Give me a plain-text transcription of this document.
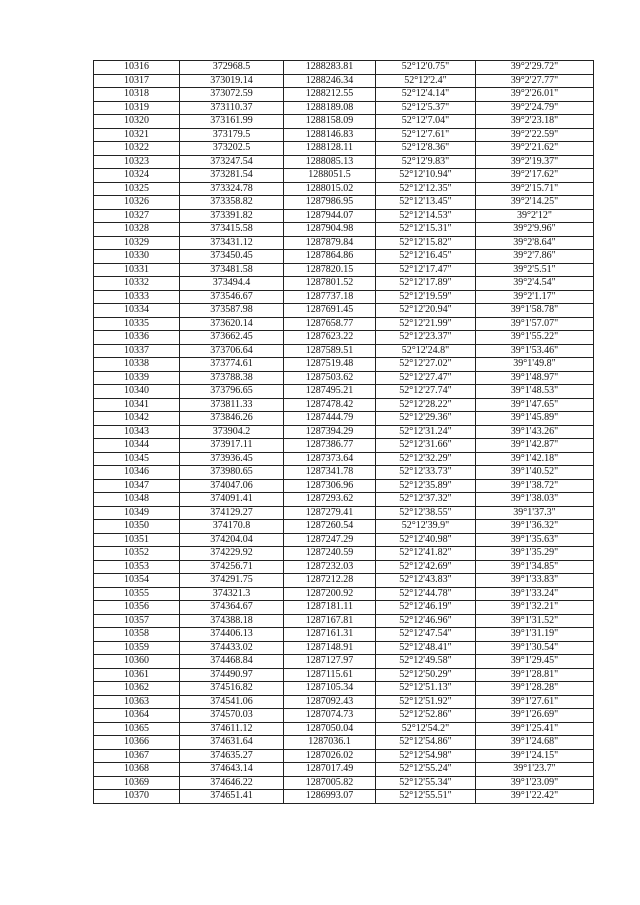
10316	372968.5	1288283.81	52°12'0.75"	39°2'29.72"
10317	373019.14	1288246.34	52°12'2.4"	39°2'27.77"
10318	373072.59	1288212.55	52°12'4.14"	39°2'26.01"
10319	373110.37	1288189.08	52°12'5.37"	39°2'24.79"
10320	373161.99	1288158.09	52°12'7.04"	39°2'23.18"
10321	373179.5	1288146.83	52°12'7.61"	39°2'22.59"
10322	373202.5	1288128.11	52°12'8.36"	39°2'21.62"
10323	373247.54	1288085.13	52°12'9.83"	39°2'19.37"
10324	373281.54	1288051.5	52°12'10.94"	39°2'17.62"
10325	373324.78	1288015.02	52°12'12.35"	39°2'15.71"
10326	373358.82	1287986.95	52°12'13.45"	39°2'14.25"
10327	373391.82	1287944.07	52°12'14.53"	39°2'12"
10328	373415.58	1287904.98	52°12'15.31"	39°2'9.96"
10329	373431.12	1287879.84	52°12'15.82"	39°2'8.64"
10330	373450.45	1287864.86	52°12'16.45"	39°2'7.86"
10331	373481.58	1287820.15	52°12'17.47"	39°2'5.51"
10332	373494.4	1287801.52	52°12'17.89"	39°2'4.54"
10333	373546.67	1287737.18	52°12'19.59"	39°2'1.17"
10334	373587.98	1287691.45	52°12'20.94"	39°1'58.78"
10335	373620.14	1287658.77	52°12'21.99"	39°1'57.07"
10336	373662.45	1287623.22	52°12'23.37"	39°1'55.22"
10337	373706.64	1287589.51	52°12'24.8"	39°1'53.46"
10338	373774.61	1287519.48	52°12'27.02"	39°1'49.8"
10339	373788.38	1287503.62	52°12'27.47"	39°1'48.97"
10340	373796.65	1287495.21	52°12'27.74"	39°1'48.53"
10341	373811.33	1287478.42	52°12'28.22"	39°1'47.65"
10342	373846.26	1287444.79	52°12'29.36"	39°1'45.89"
10343	373904.2	1287394.29	52°12'31.24"	39°1'43.26"
10344	373917.11	1287386.77	52°12'31.66"	39°1'42.87"
10345	373936.45	1287373.64	52°12'32.29"	39°1'42.18"
10346	373980.65	1287341.78	52°12'33.73"	39°1'40.52"
10347	374047.06	1287306.96	52°12'35.89"	39°1'38.72"
10348	374091.41	1287293.62	52°12'37.32"	39°1'38.03"
10349	374129.27	1287279.41	52°12'38.55"	39°1'37.3"
10350	374170.8	1287260.54	52°12'39.9"	39°1'36.32"
10351	374204.04	1287247.29	52°12'40.98"	39°1'35.63"
10352	374229.92	1287240.59	52°12'41.82"	39°1'35.29"
10353	374256.71	1287232.03	52°12'42.69"	39°1'34.85"
10354	374291.75	1287212.28	52°12'43.83"	39°1'33.83"
10355	374321.3	1287200.92	52°12'44.78"	39°1'33.24"
10356	374364.67	1287181.11	52°12'46.19"	39°1'32.21"
10357	374388.18	1287167.81	52°12'46.96"	39°1'31.52"
10358	374406.13	1287161.31	52°12'47.54"	39°1'31.19"
10359	374433.02	1287148.91	52°12'48.41"	39°1'30.54"
10360	374468.84	1287127.97	52°12'49.58"	39°1'29.45"
10361	374490.97	1287115.61	52°12'50.29"	39°1'28.81"
10362	374516.82	1287105.34	52°12'51.13"	39°1'28.28"
10363	374541.06	1287092.43	52°12'51.92"	39°1'27.61"
10364	374570.03	1287074.73	52°12'52.86"	39°1'26.69"
10365	374611.12	1287050.04	52°12'54.2"	39°1'25.41"
10366	374631.64	1287036.1	52°12'54.86"	39°1'24.68"
10367	374635.27	1287026.02	52°12'54.98"	39°1'24.15"
10368	374643.14	1287017.49	52°12'55.24"	39°1'23.7"
10369	374646.22	1287005.82	52°12'55.34"	39°1'23.09"
10370	374651.41	1286993.07	52°12'55.51"	39°1'22.42"
